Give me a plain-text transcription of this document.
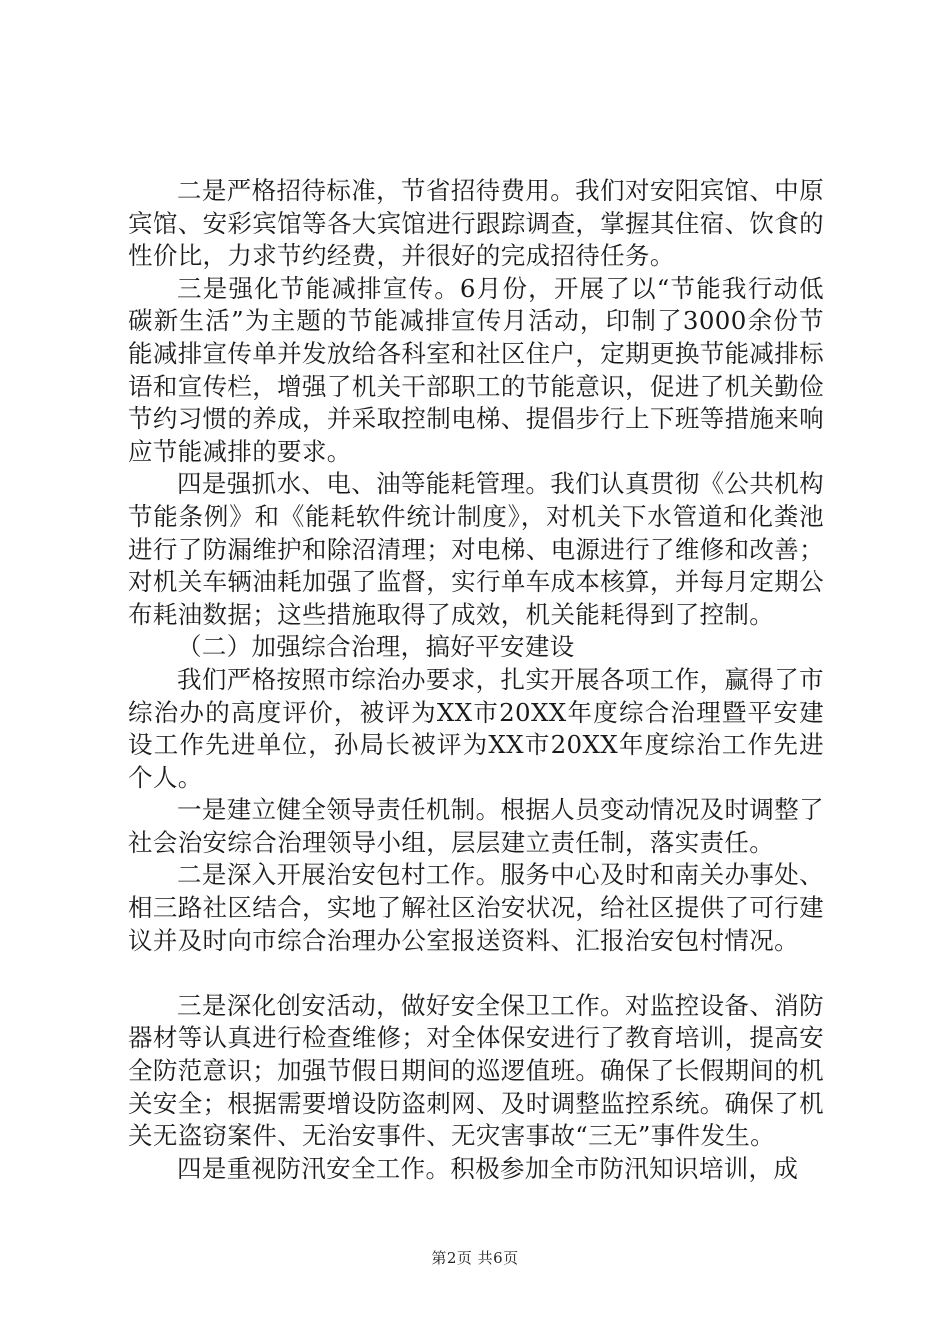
二是严格招待标准，节省招待费用。我们对安阳宾馆、中原宾馆、安彩宾馆等各大宾馆进行跟踪调查，掌握其住宿、饮食的性价比，力求节约经费，并很好的完成招待任务。

三是强化节能减排宣传。6月份，开展了以“节能我行动低碳新生活”为主题的节能减排宣传月活动，印制了3000余份节能减排宣传单并发放给各科室和社区住户，定期更换节能减排标语和宣传栏，增强了机关干部职工的节能意识，促进了机关勤俭节约习惯的养成，并采取控制电梯、提倡步行上下班等措施来响应节能减排的要求。

四是强抓水、电、油等能耗管理。我们认真贯彻《公共机构节能条例》和《能耗软件统计制度》，对机关下水管道和化粪池进行了防漏维护和除沼清理；对电梯、电源进行了维修和改善；对机关车辆油耗加强了监督，实行单车成本核算，并每月定期公布耗油数据；这些措施取得了成效，机关能耗得到了控制。

（二）加强综合治理，搞好平安建设

我们严格按照市综治办要求，扎实开展各项工作，赢得了市综治办的高度评价，被评为XX市20XX年度综合治理暨平安建设工作先进单位，孙局长被评为XX市20XX年度综治工作先进个人。

一是建立健全领导责任机制。根据人员变动情况及时调整了社会治安综合治理领导小组，层层建立责任制，落实责任。

二是深入开展治安包村工作。服务中心及时和南关办事处、相三路社区结合，实地了解社区治安状况，给社区提供了可行建议并及时向市综合治理办公室报送资料、汇报治安包村情况。

三是深化创安活动，做好安全保卫工作。对监控设备、消防器材等认真进行检查维修；对全体保安进行了教育培训，提高安全防范意识；加强节假日期间的巡逻值班。确保了长假期间的机关安全；根据需要增设防盗刺网、及时调整监控系统。确保了机关无盗窃案件、无治安事件、无灾害事故“三无”事件发生。

四是重视防汛安全工作。积极参加全市防汛知识培训，成

第2页 共6页
